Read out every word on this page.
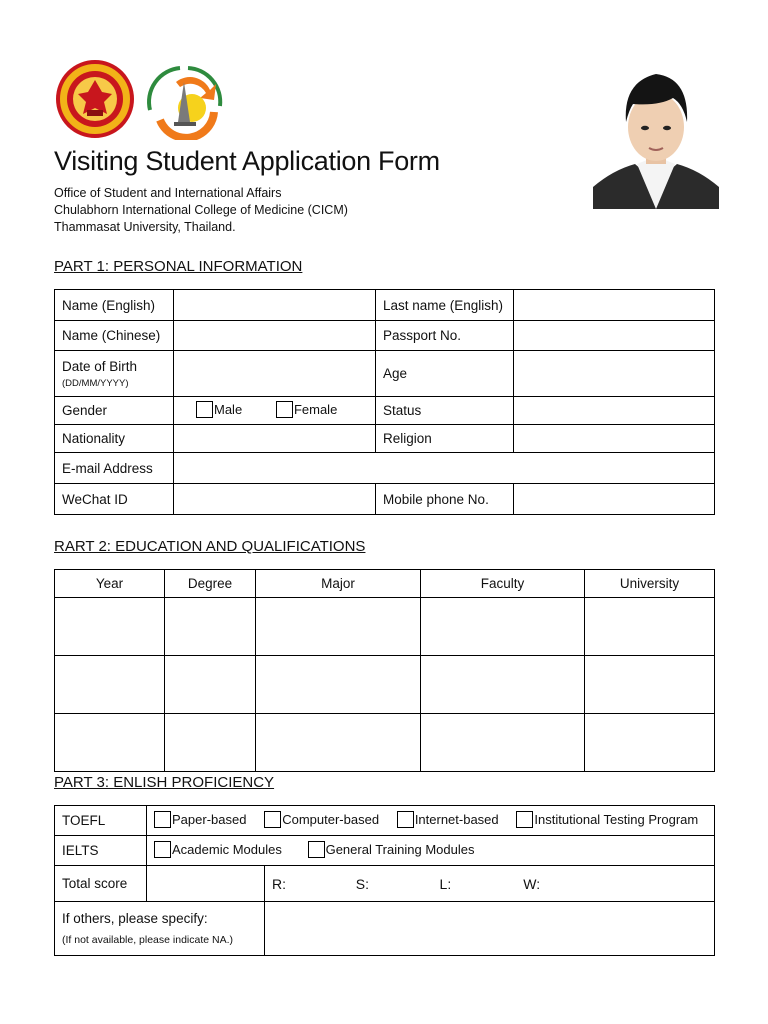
Visiting Student Application Form
Office of Student and International Affairs
Chulabhorn International College of Medicine (CICM)
Thammasat University, Thailand.
PART 1: PERSONAL INFORMATION
Name (English)		Last name (English)	
Name (Chinese)		Passport No.	
Date of Birth
(DD/MM/YYYY)		Age	
Gender	Male Female	Status	
Nationality		Religion	
E-mail Address			
WeChat ID		Mobile phone No.	
RART 2: EDUCATION AND QUALIFICATIONS
Year	Degree	Major	Faculty	University

PART 3: ENLISH PROFICIENCY
TOEFL	Paper-based Computer-based Internet-based Institutional Testing Program	
IELTS	Academic Modules General Training Modules	
Total score		R: S: L: W:
If others, please specify:
(If not available, please indicate NA.)		
